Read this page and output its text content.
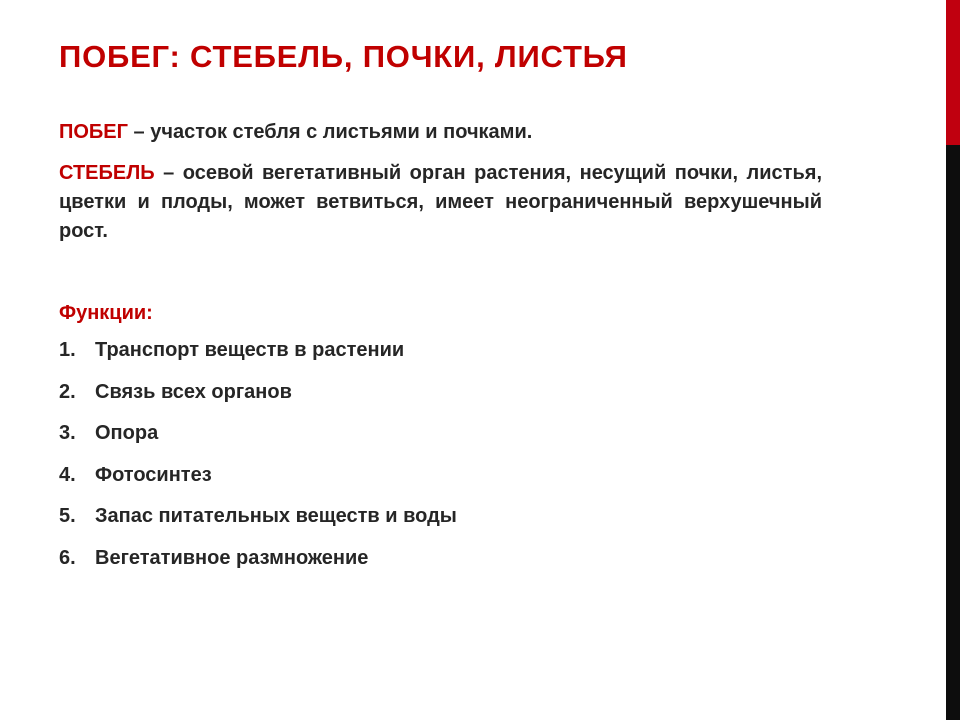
ПОБЕГ: СТЕБЕЛЬ, ПОЧКИ, ЛИСТЬЯ

ПОБЕГ – участок стебля с листьями и почками.

СТЕБЕЛЬ – осевой вегетативный орган растения, несущий почки, листья, цветки и плоды, может ветвиться, имеет неограниченный верхушечный рост.

Функции:

1. Транспорт веществ в растении
2. Связь всех органов
3. Опора
4. Фотосинтез
5. Запас питательных веществ и воды
6. Вегетативное размножение
